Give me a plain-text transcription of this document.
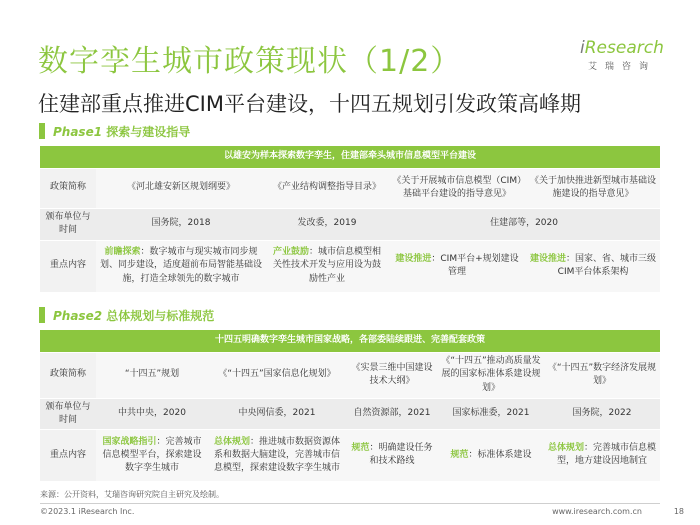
数字孪生城市政策现状（1/2）
住建部重点推进CIM平台建设，十四五规划引发政策高峰期
iResearch
艾瑞咨询
Phase1 探索与建设指导
以雄安为样本探索数字孪生，住建部牵头城市信息模型平台建设				
政策简称	《河北雄安新区规划纲要》	《产业结构调整指导目录》	《关于开展城市信息模型（CIM）基础平台建设的指导意见》	《关于加快推进新型城市基础设施建设的指导意见》
颁布单位与时间	国务院，2018	发改委，2019	住建部等，2020	
重点内容	前瞻探索：数字城市与现实城市同步规划、同步建设，适度超前布局智能基础设施，打造全球领先的数字城市	产业鼓励：城市信息模型相关性技术开发与应用设为鼓励性产业	建设推进：CIM平台+规划建设管理	建设推进：国家、省、城市三级CIM平台体系架构
Phase2 总体规划与标准规范
十四五明确数字孪生城市国家战略，各部委陆续跟进、完善配套政策					
政策简称	“十四五”规划	《“十四五”国家信息化规划》	《实景三维中国建设技术大纲》	《“十四五”推动高质量发展的国家标准体系建设规划》	《“十四五”数字经济发展规划》
颁布单位与时间	中共中央，2020	中央网信委，2021	自然资源部，2021	国家标准委，2021	国务院，2022
重点内容	国家战略指引：完善城市信息模型平台，探索建设数字孪生城市	总体规划：推进城市数据资源体系和数据大脑建设，完善城市信息模型，探索建设数字孪生城市	规范：明确建设任务和技术路线	规范：标准体系建设	总体规划：完善城市信息模型，地方建设因地制宜
来源：公开资料，艾瑞咨询研究院自主研究及绘制。
©2023.1 iResearch Inc.	www.iresearch.com.cn	18
